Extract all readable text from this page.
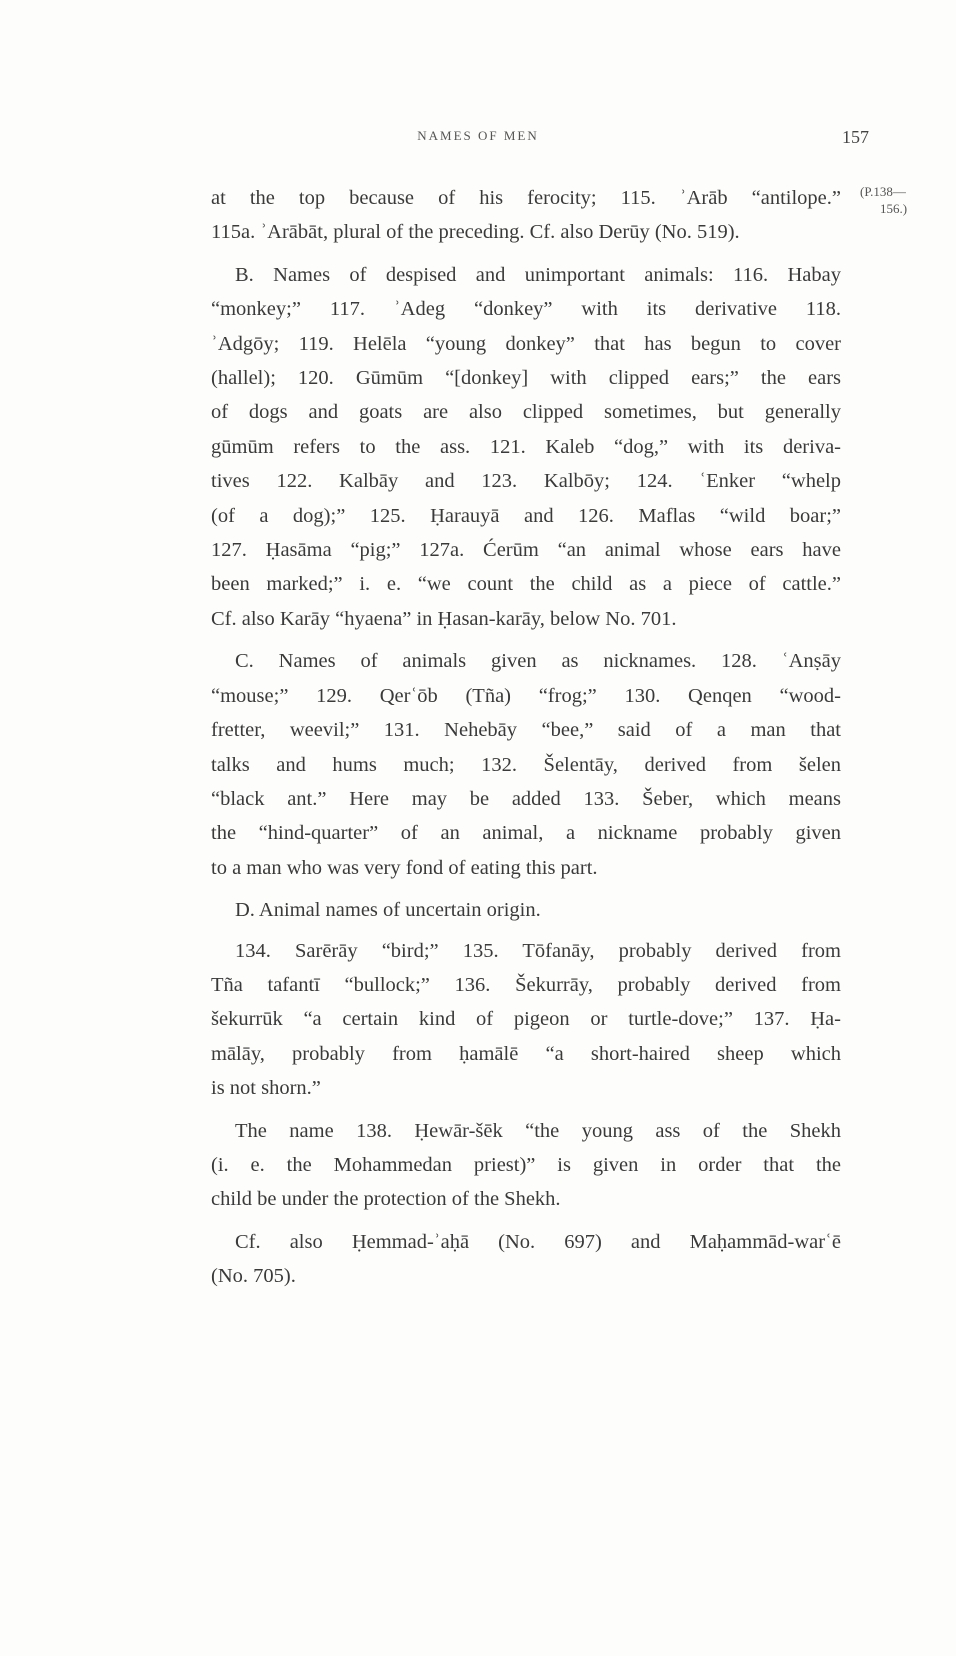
NAMES OF MEN	157
(P.138—
156.)
at the top because of his ferocity; 115. ʾArāb “antilope.”
115a. ʾArābāt, plural of the preceding. Cf. also Derūy (No. 519).
B. Names of despised and unimportant animals: 116. Habay
“monkey;” 117. ʾAdeg “donkey” with its derivative 118.
ʾAdgōy; 119. Helēla “young donkey” that has begun to cover
(hallel); 120. Gūmūm “[donkey] with clipped ears;” the ears
of dogs and goats are also clipped sometimes, but generally
gūmūm refers to the ass. 121. Kaleb “dog,” with its deriva-
tives 122. Kalbāy and 123. Kalbōy; 124. ʿEnker “whelp
(of a dog);” 125. Ḥarauyā and 126. Maflas “wild boar;”
127. Ḥasāma “pig;” 127a. Ćerūm “an animal whose ears have
been marked;” i. e. “we count the child as a piece of cattle.”
Cf. also Karāy “hyaena” in Ḥasan-karāy, below No. 701.
C. Names of animals given as nicknames. 128. ʿAnṣāy
“mouse;” 129. Qerʿōb (Tña) “frog;” 130. Qenqen “wood-
fretter, weevil;” 131. Nehebāy “bee,” said of a man that
talks and hums much; 132. Šelentāy, derived from šelen
“black ant.” Here may be added 133. Šeber, which means
the “hind-quarter” of an animal, a nickname probably given
to a man who was very fond of eating this part.
D. Animal names of uncertain origin.
134. Sarērāy “bird;” 135. Tōfanāy, probably derived from
Tña tafantī “bullock;” 136. Šekurrāy, probably derived from
šekurrūk “a certain kind of pigeon or turtle-dove;” 137. Ḥa-
mālāy, probably from ḥamālē “a short-haired sheep which
is not shorn.”
The name 138. Ḥewār-šēk “the young ass of the Shekh
(i. e. the Mohammedan priest)” is given in order that the
child be under the protection of the Shekh.
Cf. also Ḥemmad-ʾaḥā (No. 697) and Maḥammād-warʿē
(No. 705).
